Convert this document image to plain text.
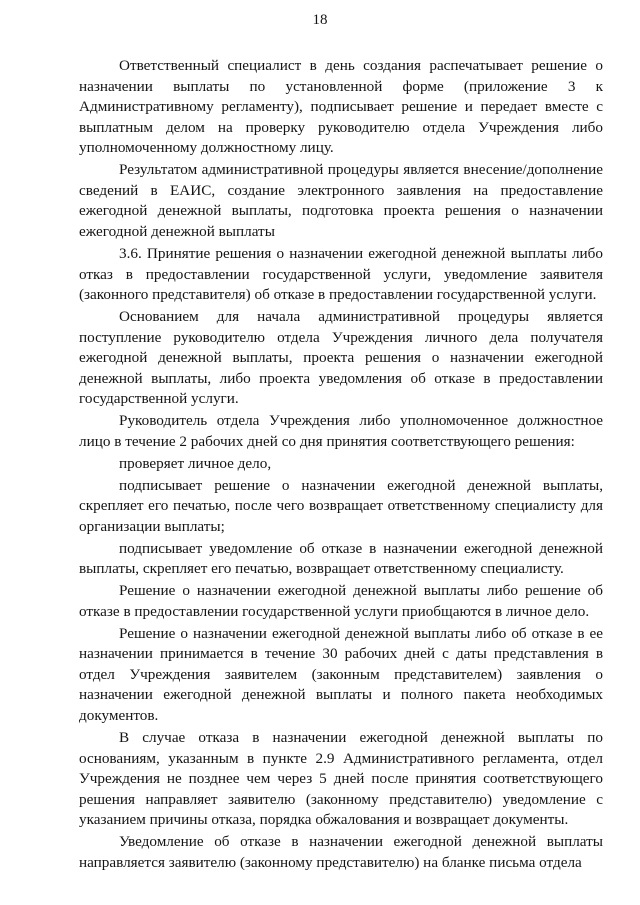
18

Ответственный специалист в день создания распечатывает решение о назначении выплаты по установленной форме (приложение 3 к Административному регламенту), подписывает решение и передает вместе с выплатным делом на проверку руководителю отдела Учреждения либо уполномоченному должностному лицу.

Результатом административной процедуры является внесение/дополнение сведений в ЕАИС, создание электронного заявления на предоставление ежегодной денежной выплаты, подготовка проекта решения о назначении ежегодной денежной выплаты

3.6. Принятие решения о назначении ежегодной денежной выплаты либо отказ в предоставлении государственной услуги, уведомление заявителя (законного представителя) об отказе в предоставлении государственной услуги.

Основанием для начала административной процедуры является поступление руководителю отдела Учреждения личного дела получателя ежегодной денежной выплаты, проекта решения о назначении ежегодной денежной выплаты, либо проекта уведомления об отказе в предоставлении государственной услуги.

Руководитель отдела Учреждения либо уполномоченное должностное лицо в течение 2 рабочих дней со дня принятия соответствующего решения:

проверяет личное дело,

подписывает решение о назначении ежегодной денежной выплаты, скрепляет его печатью, после чего возвращает ответственному специалисту для организации выплаты;

подписывает уведомление об отказе в назначении ежегодной денежной выплаты, скрепляет его печатью, возвращает ответственному специалисту.

Решение о назначении ежегодной денежной выплаты либо решение об отказе в предоставлении государственной услуги приобщаются в личное дело.

Решение о назначении ежегодной денежной выплаты либо об отказе в ее назначении принимается в течение 30 рабочих дней с даты представления в отдел Учреждения заявителем (законным представителем) заявления о назначении ежегодной денежной выплаты и полного пакета необходимых документов.

В случае отказа в назначении ежегодной денежной выплаты по основаниям, указанным в пункте 2.9 Административного регламента, отдел Учреждения не позднее чем через 5 дней после принятия соответствующего решения направляет заявителю (законному представителю) уведомление с указанием причины отказа, порядка обжалования и возвращает документы.

Уведомление об отказе в назначении ежегодной денежной выплаты направляется заявителю (законному представителю) на бланке письма отдела
